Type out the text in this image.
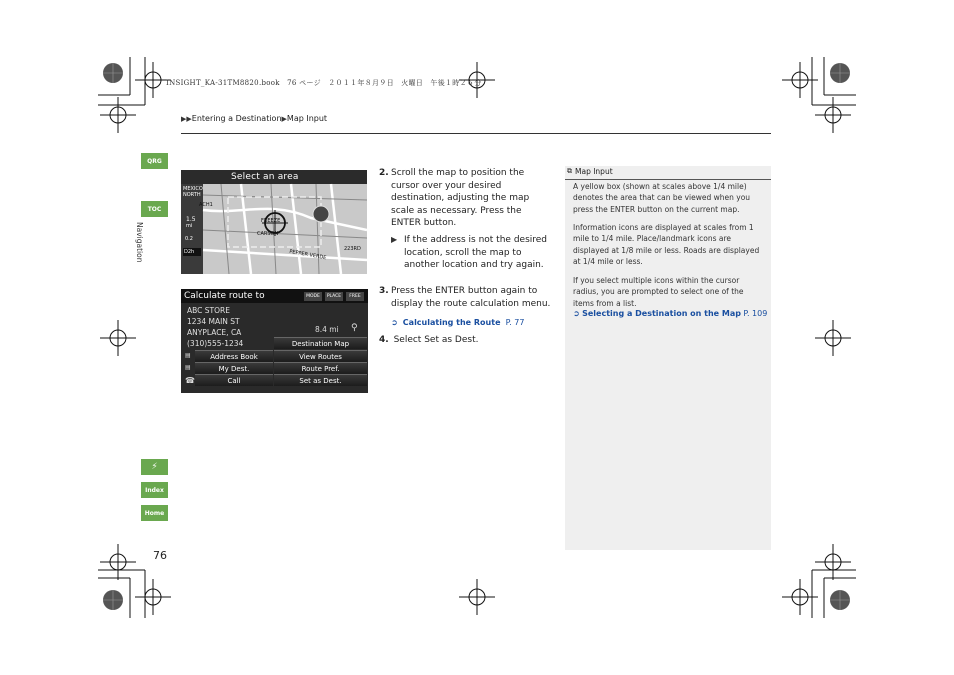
INSIGHT_KA-31TM8820.book　76 ページ　２０１１年８月９日　火曜日　午後１時２６分
▶▶Entering a Destination▶Map Input
QRG
TOC
Navigation
⚡
Index
Home
76
Select an area
MEXICO
NORTH
ACH1
1.5
mi
0.2
FREEZE
CARSON
PEPPER VERDE	223RD
D2h
Calculate route to	MODE	PLACE	FREE
ABC STORE
1234 MAIN ST
ANYPLACE, CA
(310)555-1234
8.4 mi ⚲
Destination Map
▤	Address Book	View Routes
▤	My Dest.	Route Pref.
☎	Call	Set as Dest.
2. Scroll the map to position the cursor over your desired destination, adjusting the map scale as necessary. Press the ENTER button.
▶ If the address is not the desired location, scroll the map to another location and try again.
3. Press the ENTER button again to display the route calculation menu.
➲ Calculating the Route P. 77
4. Select Set as Dest.
⧉ Map Input
A yellow box (shown at scales above 1/4 mile) denotes the area that can be viewed when you press the ENTER button on the current map.
Information icons are displayed at scales from 1 mile to 1/4 mile. Place/landmark icons are displayed at 1/8 mile or less. Roads are displayed at 1/4 mile or less.
If you select multiple icons within the cursor radius, you are prompted to select one of the items from a list.
➲ Selecting a Destination on the Map P. 109
